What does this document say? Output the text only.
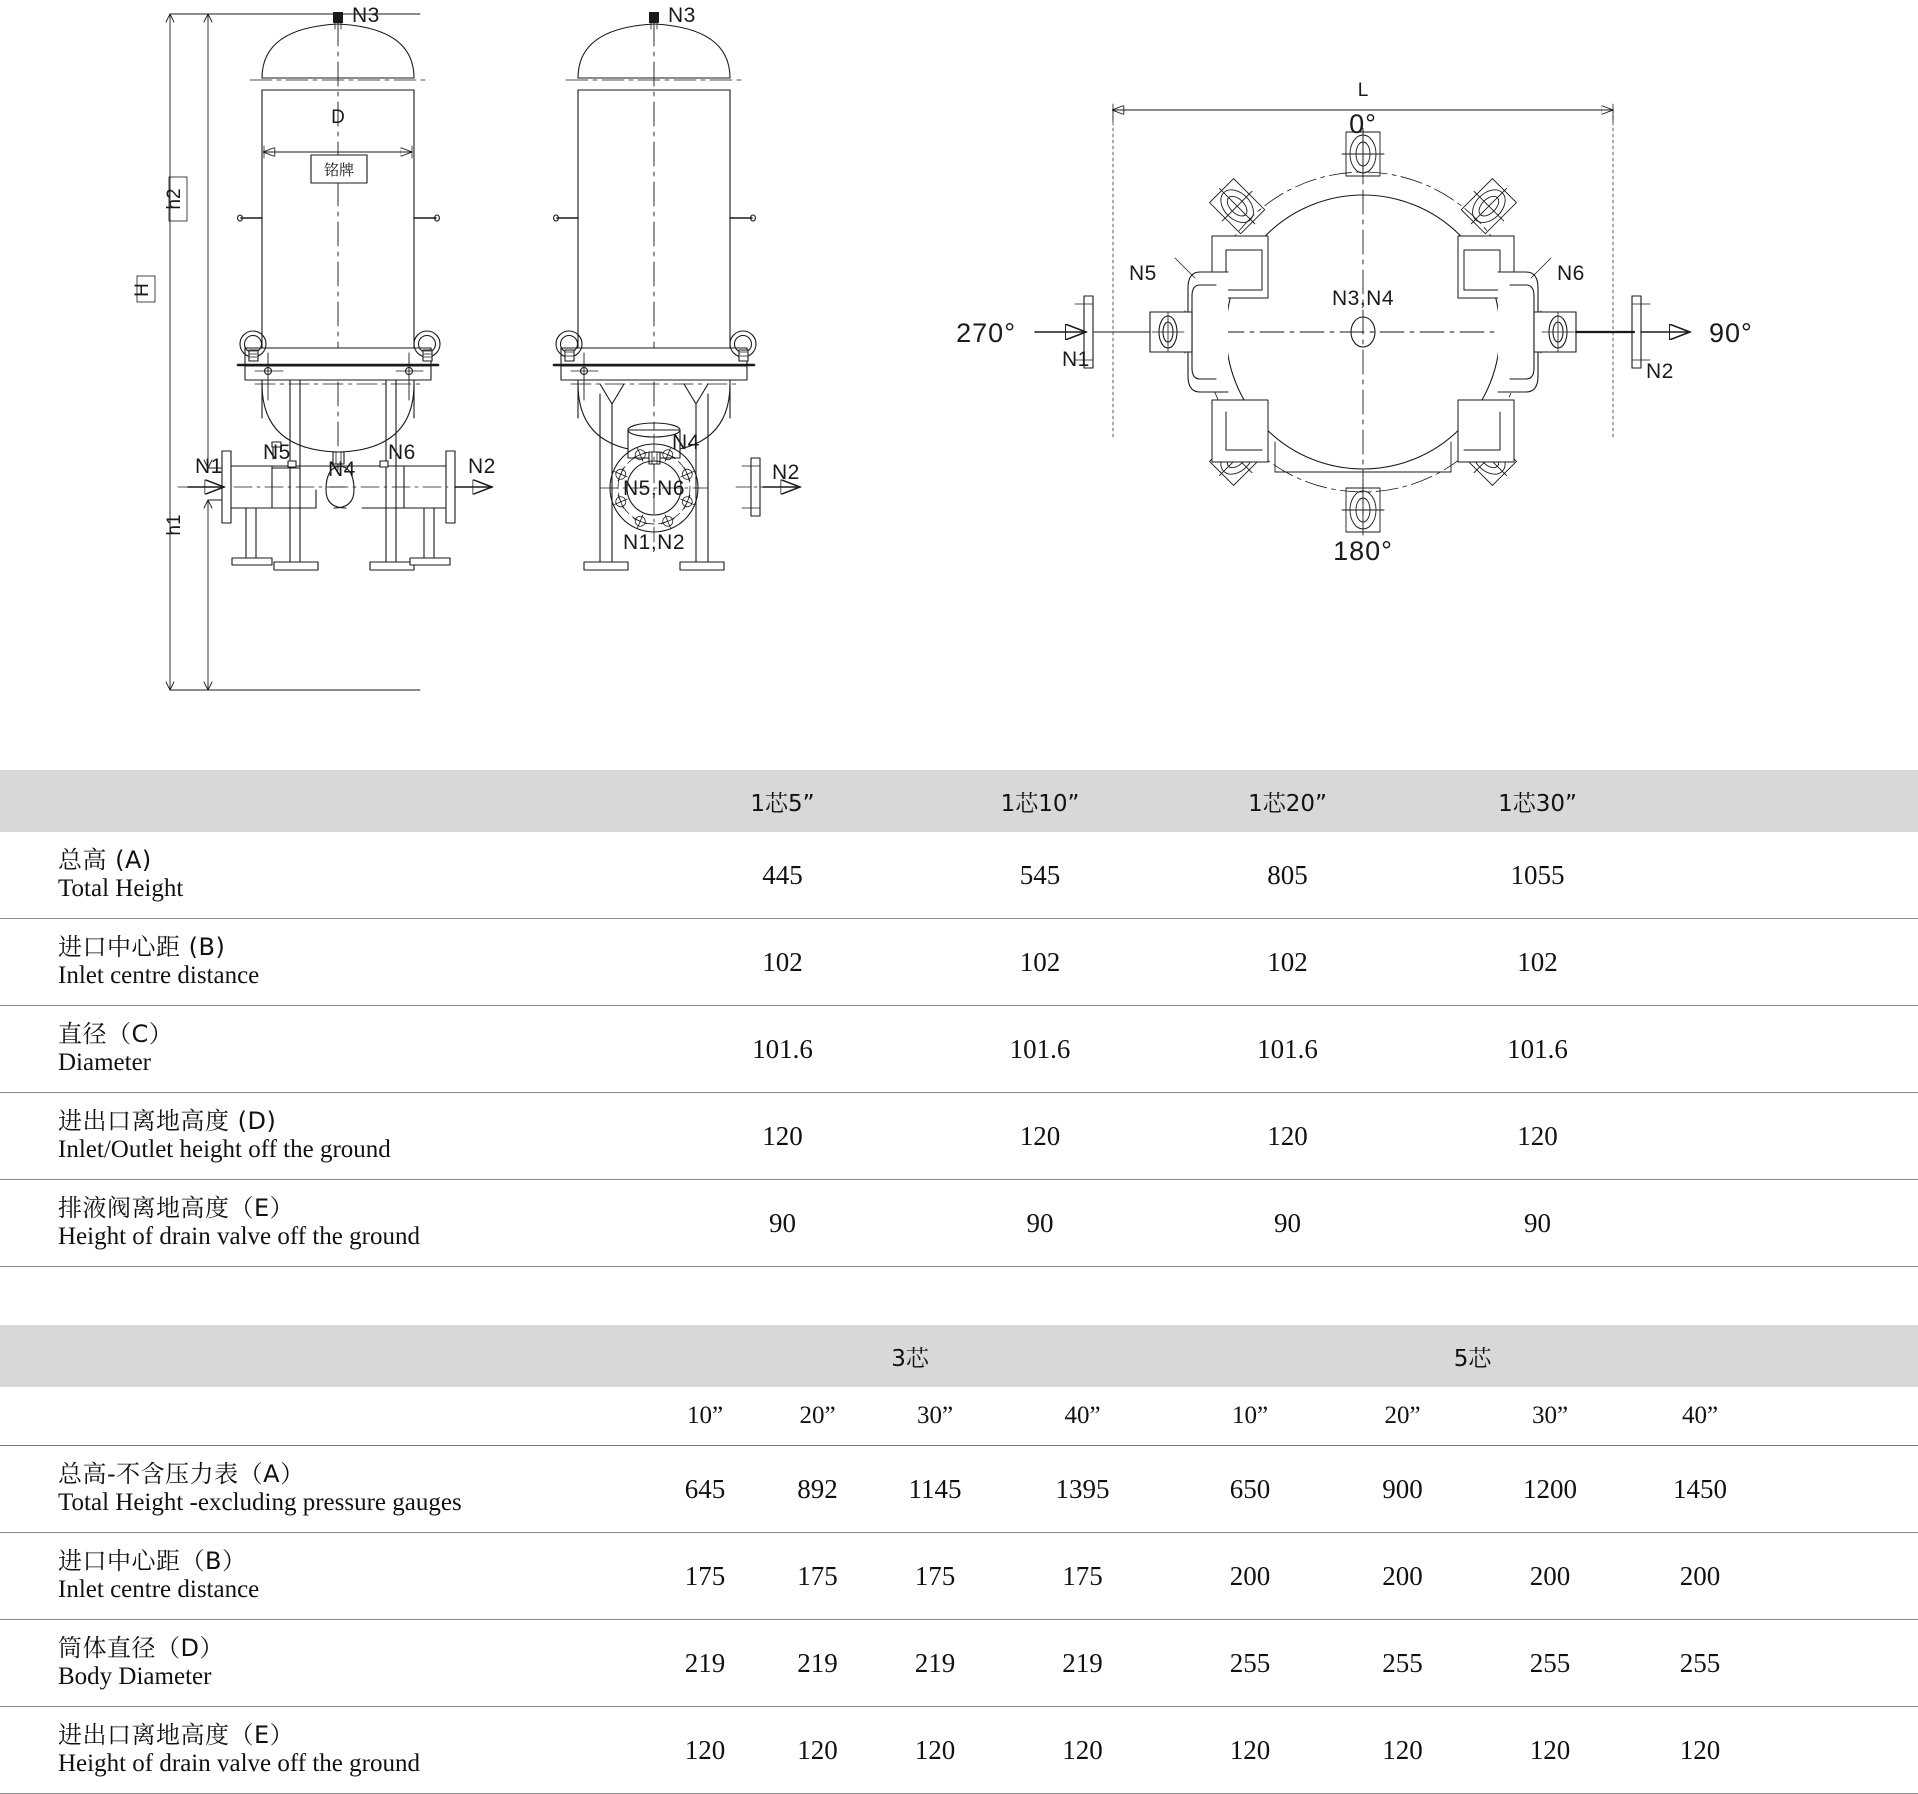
N3
铭牌
D
H
h2
h1
N1	N2
N4
N5	N6
N3
N4
N5,N6
N1,N2
N2
L
0°
90°
180°
270°
N3,N4
N5	N6
N1
N2
	1芯5”	1芯10”	1芯20”	1芯30”	

总高 (A)
Total Height	445	545	805	1055	

进口中心距 (B)
Inlet centre distance	102	102	102	102	

直径（C）
Diameter	101.6	101.6	101.6	101.6	

进出口离地高度 (D)
Inlet/Outlet height off the ground	120	120	120	120	

排液阀离地高度（E）
Height of drain valve off the ground	90	90	90	90	
	3芯				5芯				
	10”	20”	30”	40”	10”	20”	30”	40”	

总高-不含压力表（A）
Total Height -excluding pressure gauges	645	892	1145	1395	650	900	1200	1450	

进口中心距（B）
Inlet centre distance	175	175	175	175	200	200	200	200	

筒体直径（D）
Body Diameter	219	219	219	219	255	255	255	255	

进出口离地高度（E）
Height of drain valve off the ground	120	120	120	120	120	120	120	120	
